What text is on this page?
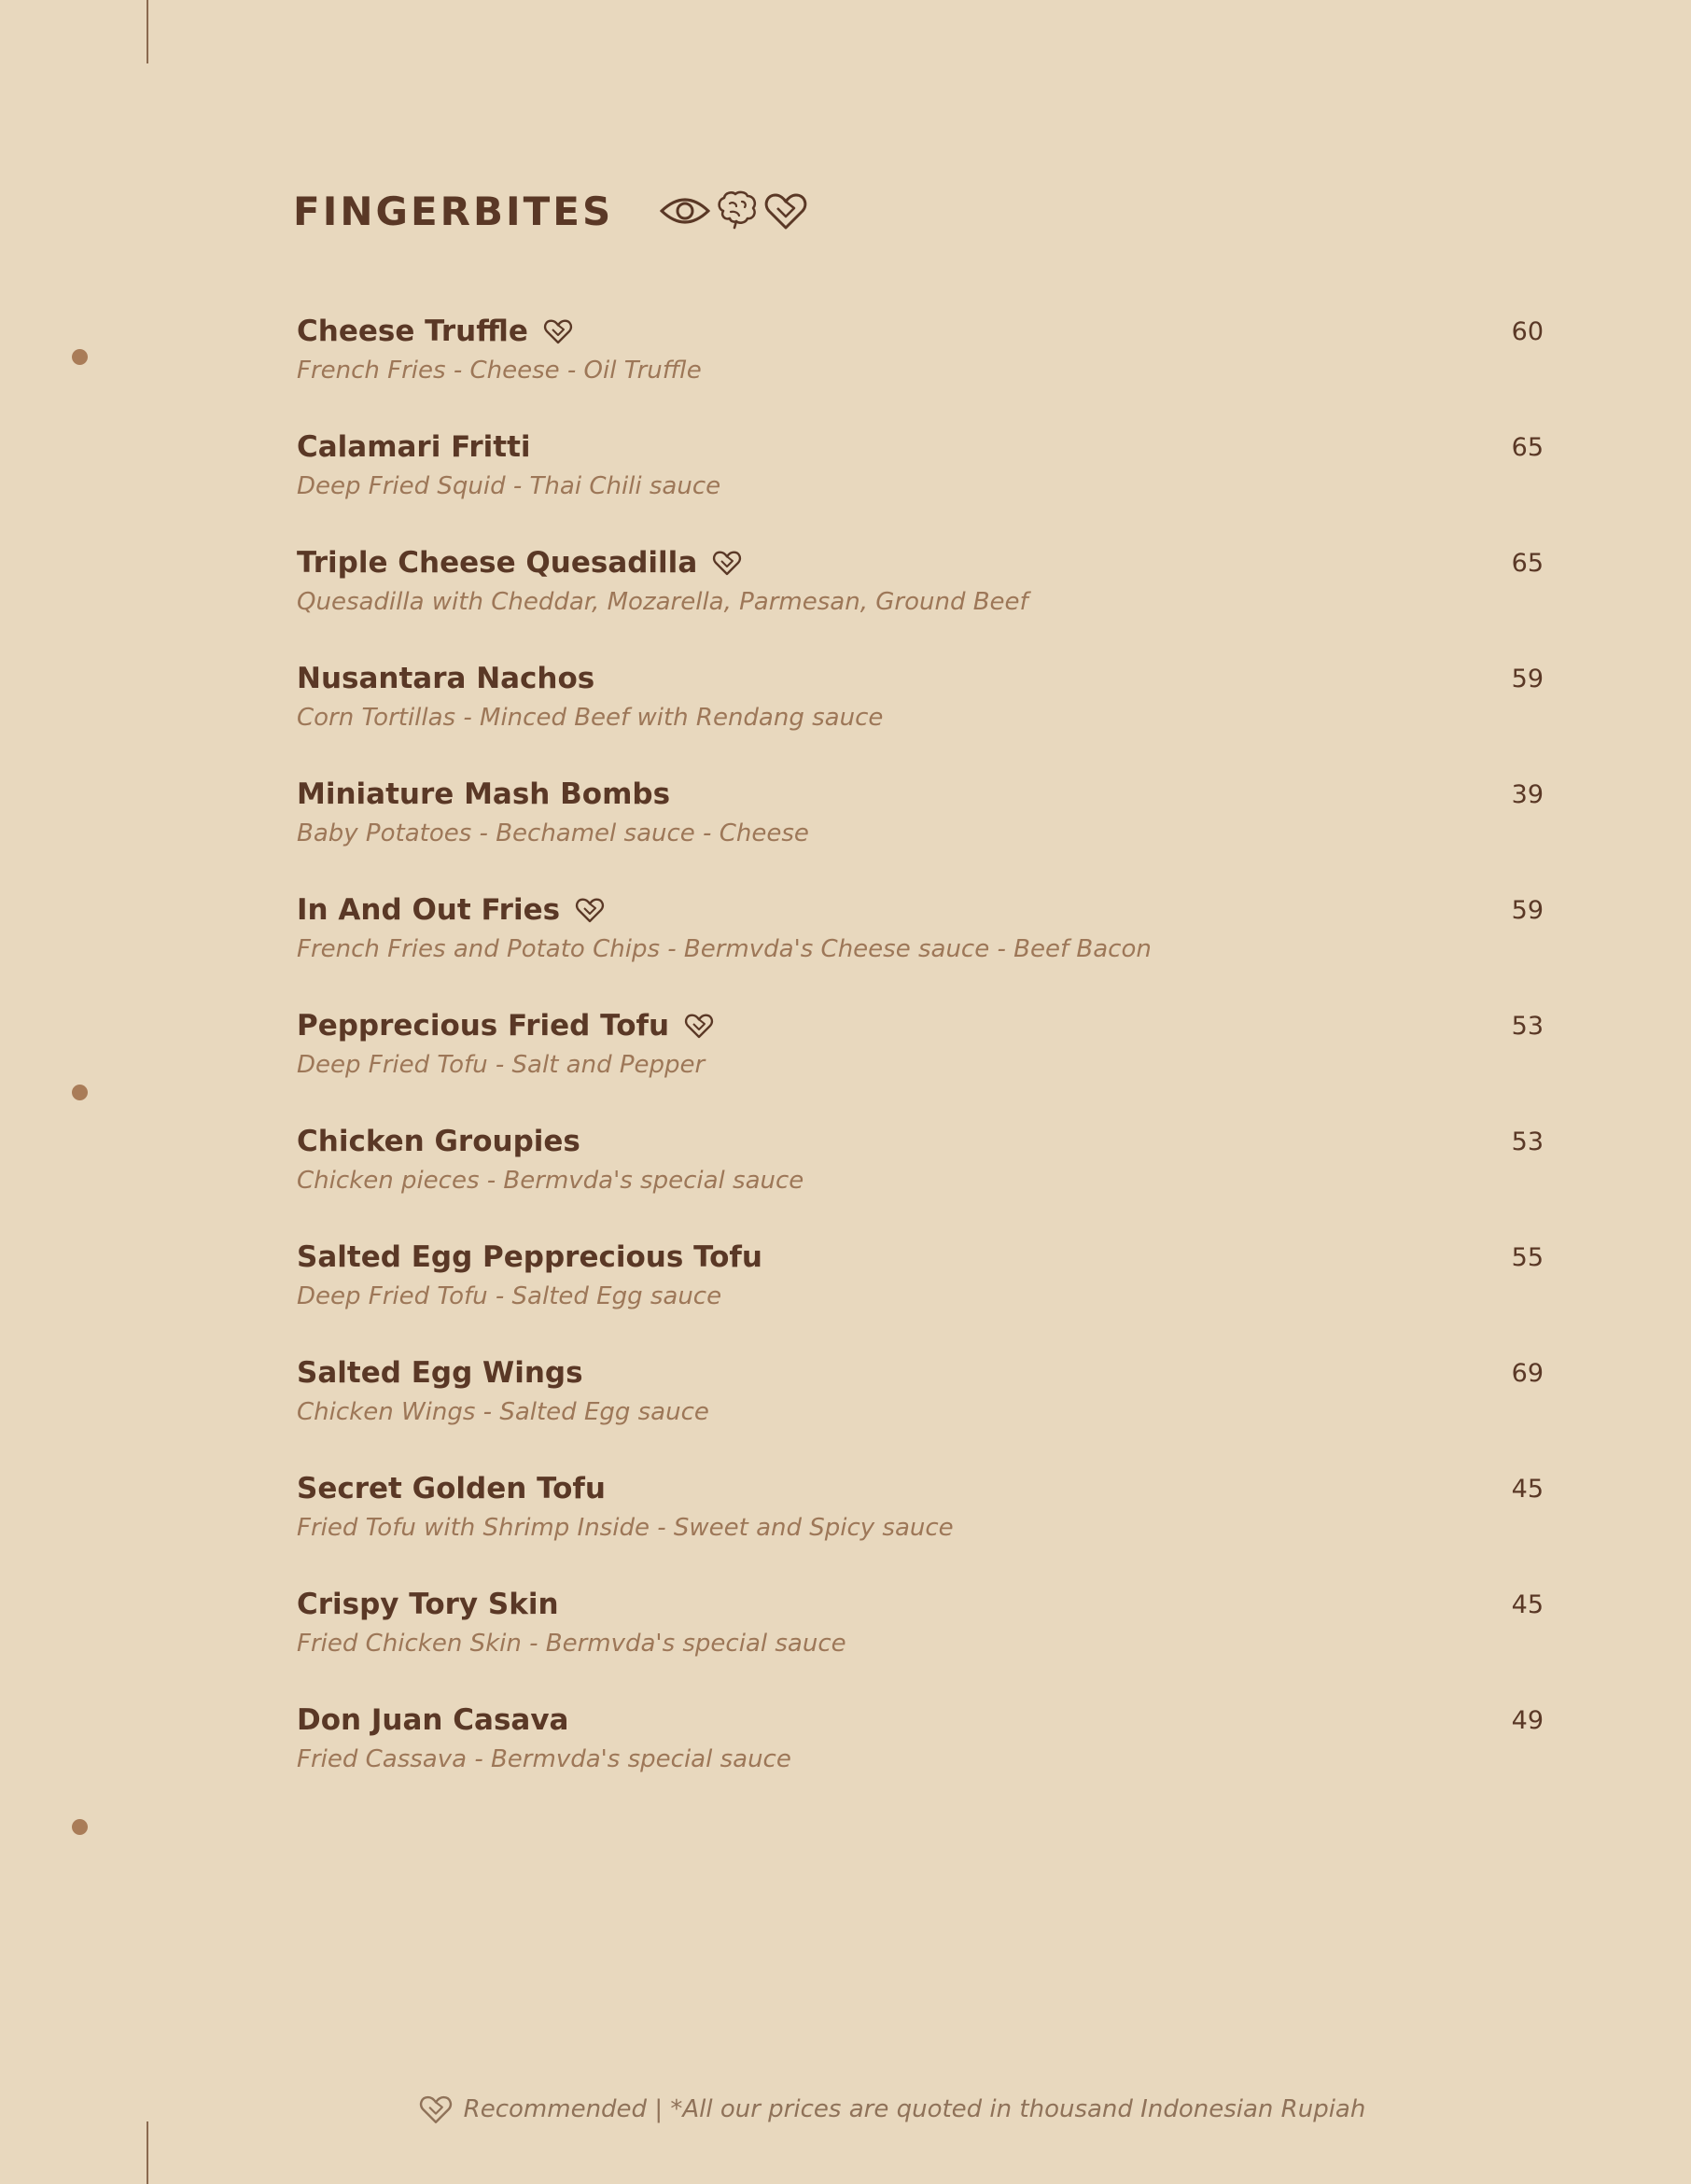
FINGERBITES
Cheese Truffle
French Fries - Cheese - Oil Truffle
60
Calamari Fritti
Deep Fried Squid - Thai Chili sauce
65
Triple Cheese Quesadilla
Quesadilla with Cheddar, Mozarella, Parmesan, Ground Beef
65
Nusantara Nachos
Corn Tortillas - Minced Beef with Rendang sauce
59
Miniature Mash Bombs
Baby Potatoes - Bechamel sauce - Cheese
39
In And Out Fries
French Fries and Potato Chips - Bermvda's Cheese sauce - Beef Bacon
59
Pepprecious Fried Tofu
Deep Fried Tofu - Salt and Pepper
53
Chicken Groupies
Chicken pieces - Bermvda's special sauce
53
Salted Egg Pepprecious Tofu
Deep Fried Tofu - Salted Egg sauce
55
Salted Egg Wings
Chicken Wings - Salted Egg sauce
69
Secret Golden Tofu
Fried Tofu with Shrimp Inside - Sweet and Spicy sauce
45
Crispy Tory Skin
Fried Chicken Skin - Bermvda's special sauce
45
Don Juan Casava
Fried Cassava - Bermvda's special sauce
49
Recommended | *All our prices are quoted in thousand Indonesian Rupiah
